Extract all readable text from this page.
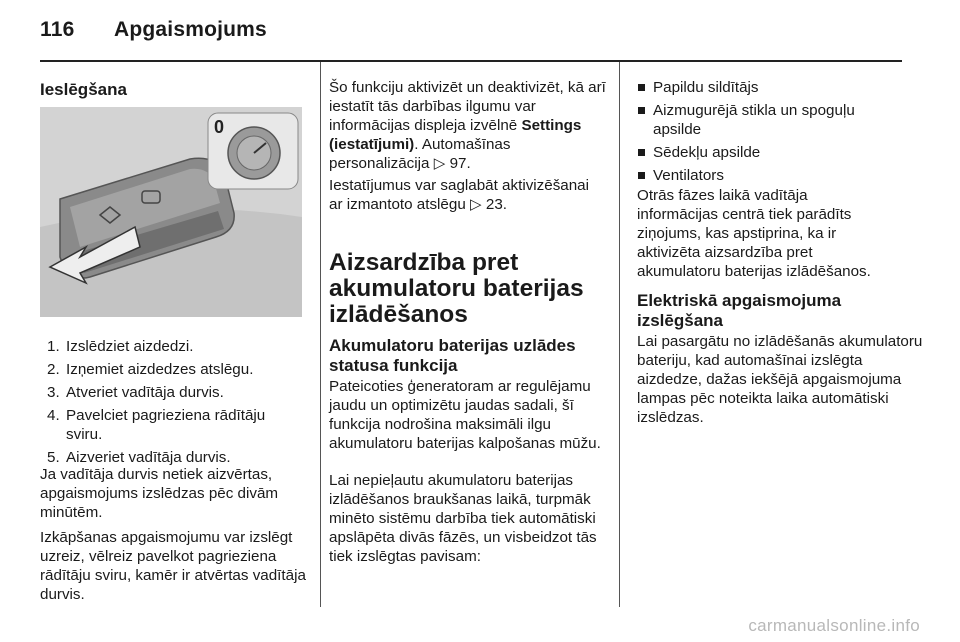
116 Apgaismojums
Ieslēgšana
0
1. Izslēdziet aizdedzi.
2. Izņemiet aizdedzes atslēgu.
3. Atveriet vadītāja durvis.
4. Pavelciet pagrieziena rādītāju sviru.
5. Aizveriet vadītāja durvis.

Ja vadītāja durvis netiek aizvērtas, apgaismojums izslēdzas pēc divām minūtēm.

Izkāpšanas apgaismojumu var izslēgt uzreiz, vēlreiz pavelkot pagrieziena rādītāju sviru, kamēr ir atvērtas vadītāja durvis.

Šo funkciju aktivizēt un deaktivizēt, kā arī iestatīt tās darbības ilgumu var informācijas displeja izvēlnē Settings (iestatījumi). Automašīnas personalizācija ▷ 97.

Iestatījumus var saglabāt aktivizēšanai ar izmantoto atslēgu ▷ 23.

Aizsardzība pret akumulatoru baterijas izlādēšanos
Akumulatoru baterijas uzlādes statusa funkcija

Pateicoties ģeneratoram ar regulējamu jaudu un optimizētu jaudas sadali, šī funkcija nodrošina maksimāli ilgu akumulatoru baterijas kalpošanas mūžu.

Lai nepieļautu akumulatoru baterijas izlādēšanos braukšanas laikā, turpmāk minēto sistēmu darbība tiek automātiski apslāpēta divās fāzēs, un visbeidzot tās tiek izslēgtas pavisam:

Papildu sildītājs
Aizmugurējā stikla un spoguļu apsilde
Sēdekļu apsilde
Ventilators

Otrās fāzes laikā vadītāja informācijas centrā tiek parādīts ziņojums, kas apstiprina, ka ir aktivizēta aizsardzība pret akumulatoru baterijas izlādēšanos.

Elektriskā apgaismojuma izslēgšana

Lai pasargātu no izlādēšanās akumulatoru bateriju, kad automašīnai izslēgta aizdedze, dažas iekšējā apgaismojuma lampas pēc noteikta laika automātiski izslēdzas.

carmanualsonline.info
